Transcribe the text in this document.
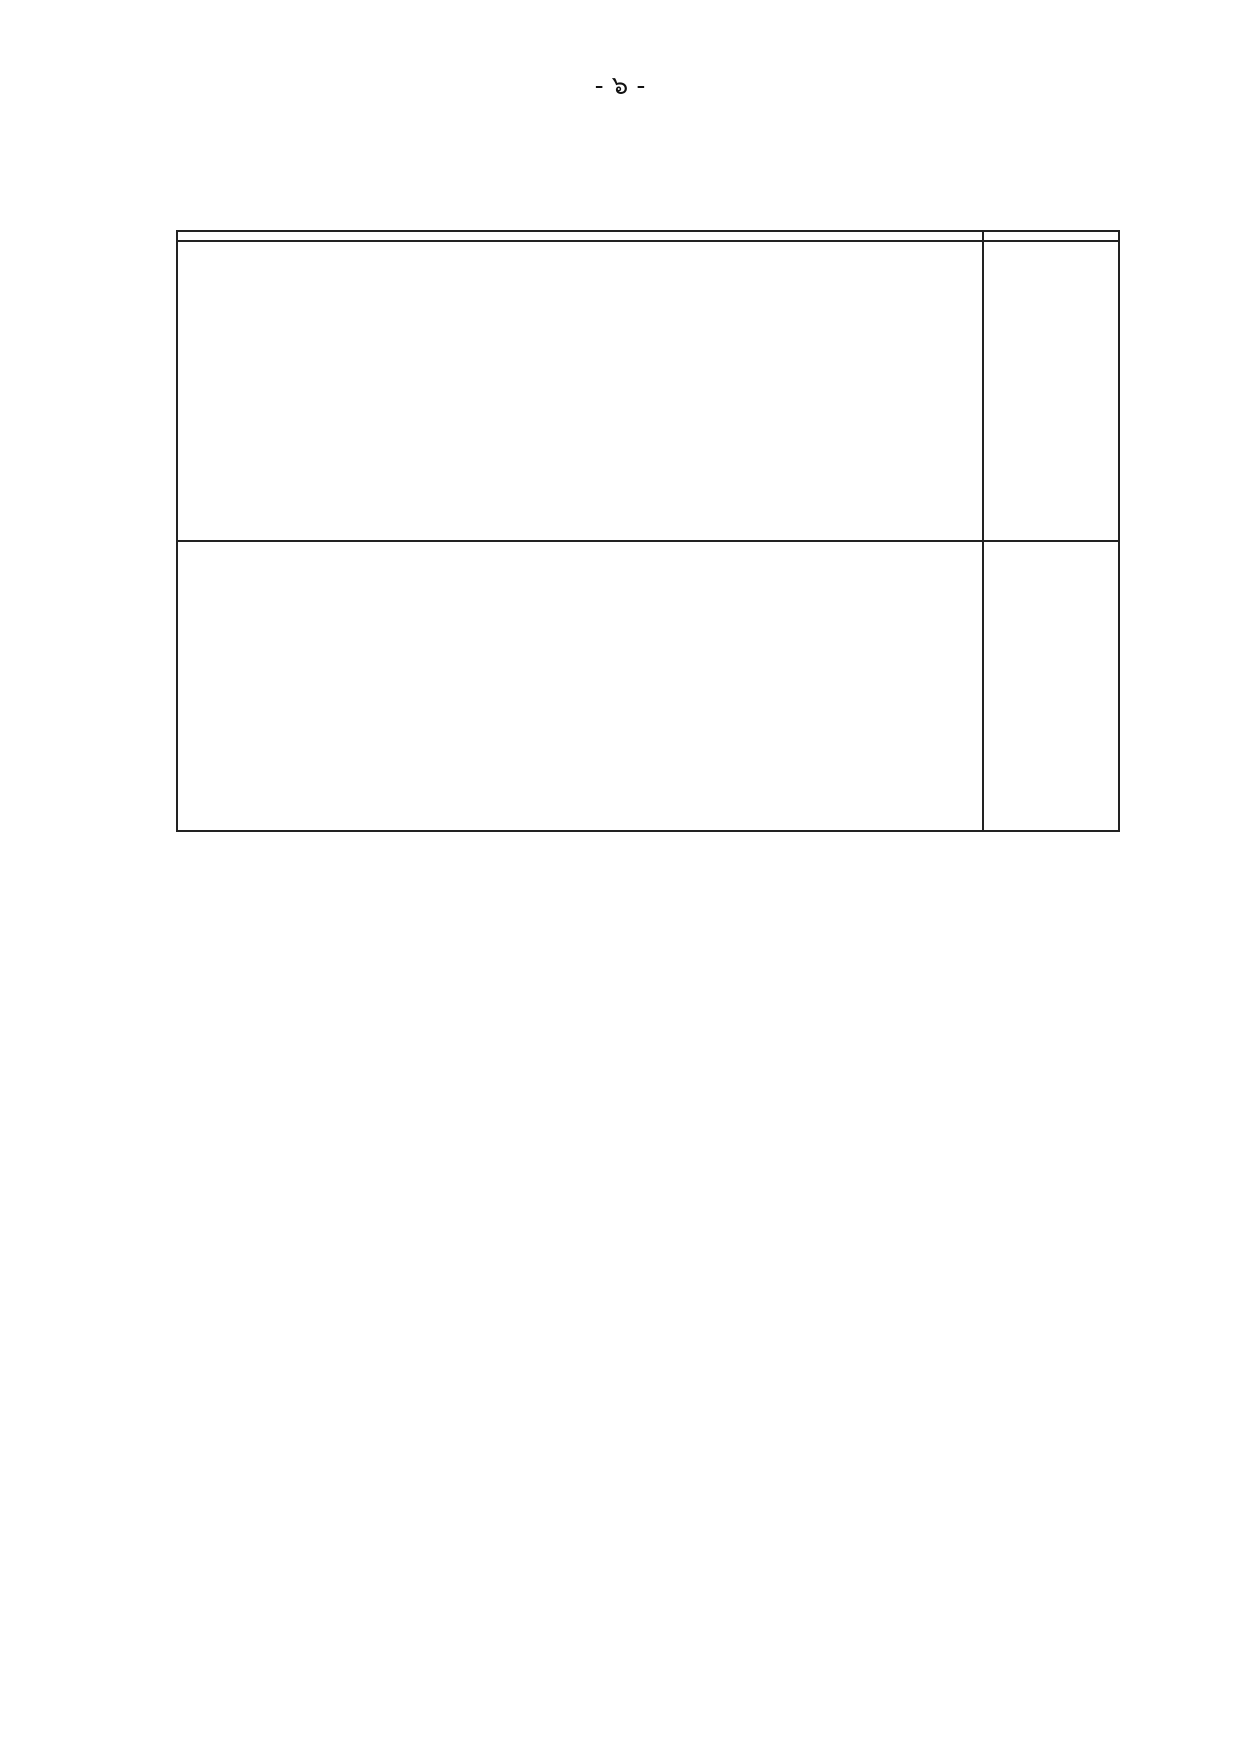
- ๖ -
